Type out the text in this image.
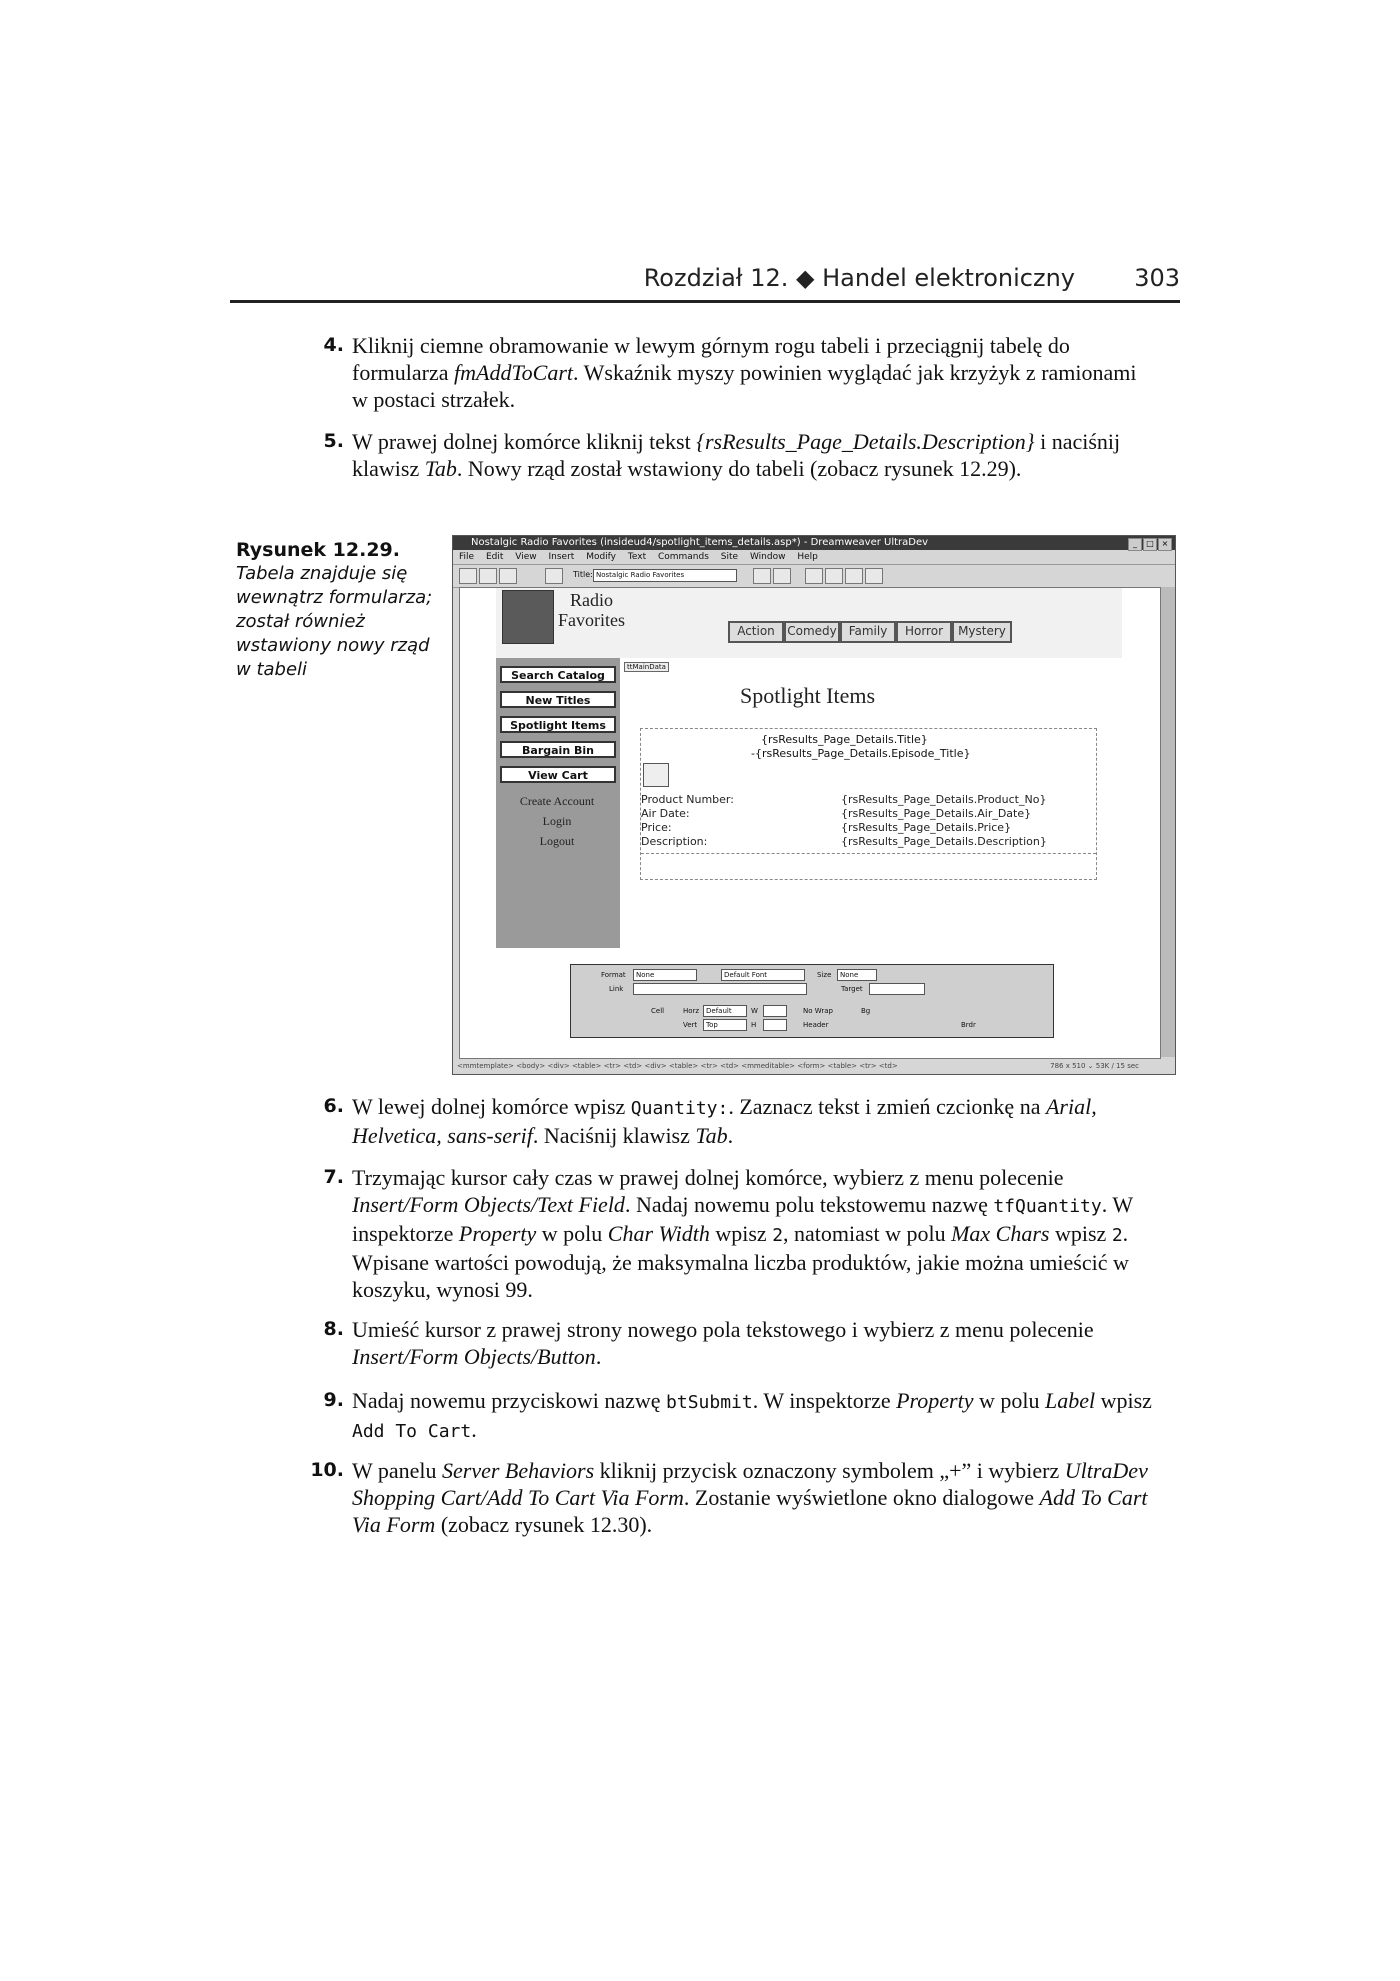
Rozdział 12. ◆ Handel elektroniczny 303
4. Kliknij ciemne obramowanie w lewym górnym rogu tabeli i przeciągnij tabelę do formularza fmAddToCart. Wskaźnik myszy powinien wyglądać jak krzyżyk z ramionami w postaci strzałek.

5. W prawej dolnej komórce kliknij tekst {rsResults_Page_Details.Description} i naciśnij klawisz Tab. Nowy rząd został wstawiony do tabeli (zobacz rysunek 12.29).

Rysunek 12.29.
Tabela znajduje się wewnątrz formularza; został również wstawiony nowy rząd w tabeli
Nostalgic Radio Favorites (insideud4/spotlight_items_details.asp*) - Dreamweaver UltraDev	_ □ ×
File Edit View Insert Modify Text Commands Site Window Help
Title: Nostalgic Radio Favorites
Radio
Favorites
Action	Comedy Family	Horror	Mystery
ttMainData
Search Catalog
New Titles
Spotlight Items
Bargain Bin
View Cart
Create Account
Login
Logout
Spotlight Items
{rsResults_Page_Details.Title}
-{rsResults_Page_Details.Episode_Title}
Product Number:	{rsResults_Page_Details.Product_No}
Air Date:	{rsResults_Page_Details.Air_Date}
Price:	{rsResults_Page_Details.Price}
Description:	{rsResults_Page_Details.Description}
Format	None	Default Font	Size	None
Link	Target
Cell	Horz Default	W
Vert	Top	H
No Wrap
Header
Bg
Brdr
<mmtemplate> <body> <div> <table> <tr> <td> <div> <table> <tr> <td> <mmeditable> <form> <table> <tr> <td>	786 x 510 ⌄ 53K / 15 sec
6. W lewej dolnej komórce wpisz Quantity:. Zaznacz tekst i zmień czcionkę na Arial, Helvetica, sans-serif. Naciśnij klawisz Tab.

7. Trzymając kursor cały czas w prawej dolnej komórce, wybierz z menu polecenie Insert/Form Objects/Text Field. Nadaj nowemu polu tekstowemu nazwę tfQuantity. W inspektorze Property w polu Char Width wpisz 2, natomiast w polu Max Chars wpisz 2. Wpisane wartości powodują, że maksymalna liczba produktów, jakie można umieścić w koszyku, wynosi 99.

8. Umieść kursor z prawej strony nowego pola tekstowego i wybierz z menu polecenie Insert/Form Objects/Button.

9. Nadaj nowemu przyciskowi nazwę btSubmit. W inspektorze Property w polu Label wpisz Add To Cart.

10. W panelu Server Behaviors kliknij przycisk oznaczony symbolem „+” i wybierz UltraDev Shopping Cart/Add To Cart Via Form. Zostanie wyświetlone okno dialogowe Add To Cart Via Form (zobacz rysunek 12.30).
